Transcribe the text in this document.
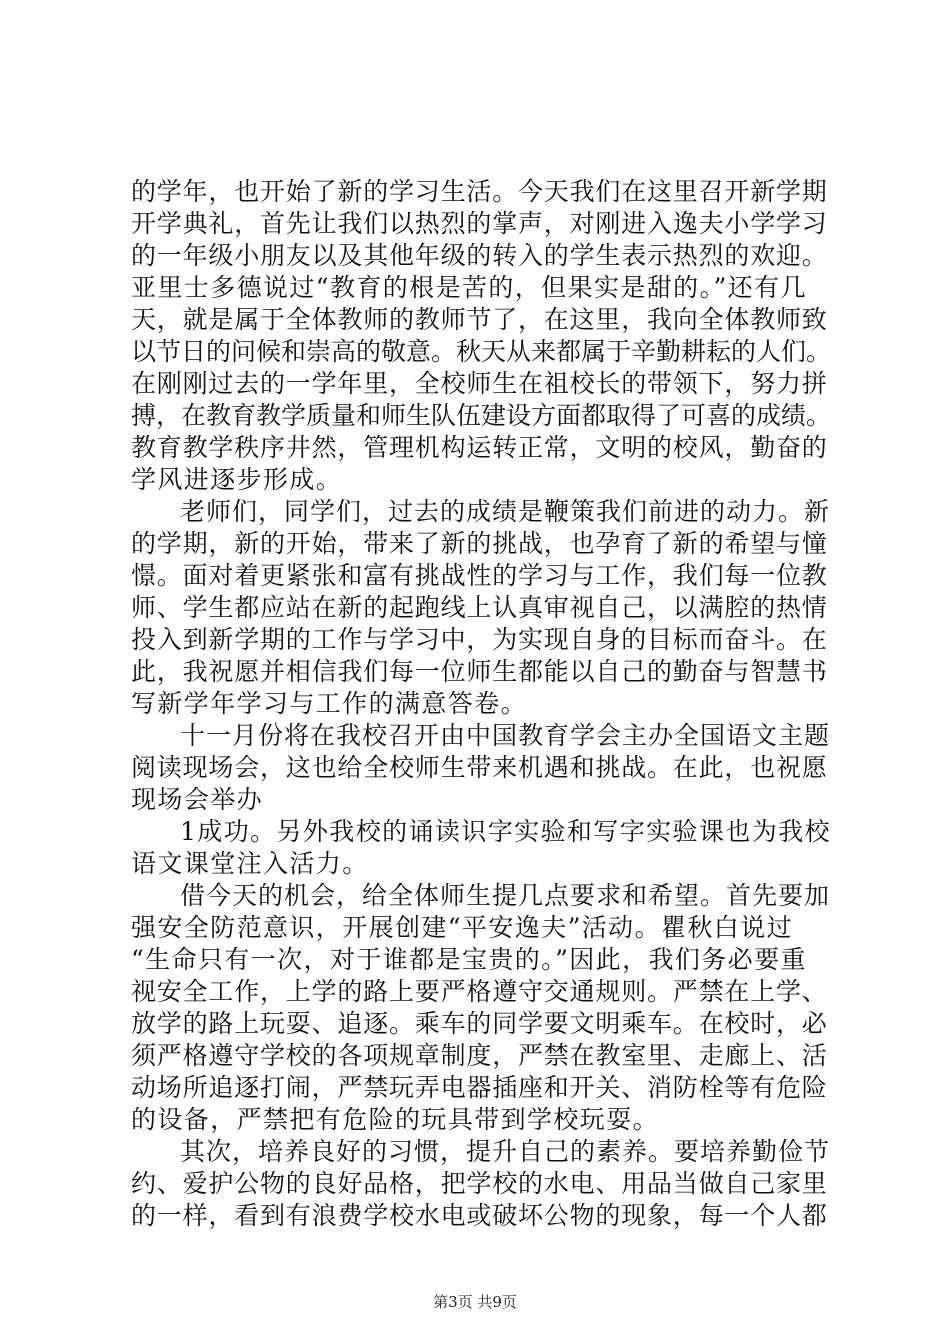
的学年，也开始了新的学习生活。今天我们在这里召开新学期
开学典礼，首先让我们以热烈的掌声，对刚进入逸夫小学学习
的一年级小朋友以及其他年级的转入的学生表示热烈的欢迎。
亚里士多德说过“教育的根是苦的，但果实是甜的。”还有几
天，就是属于全体教师的教师节了，在这里，我向全体教师致
以节日的问候和崇高的敬意。秋天从来都属于辛勤耕耘的人们。
在刚刚过去的一学年里，全校师生在祖校长的带领下，努力拼
搏，在教育教学质量和师生队伍建设方面都取得了可喜的成绩。
教育教学秩序井然，管理机构运转正常，文明的校风，勤奋的
学风进逐步形成。
老师们，同学们，过去的成绩是鞭策我们前进的动力。新
的学期，新的开始，带来了新的挑战，也孕育了新的希望与憧
憬。面对着更紧张和富有挑战性的学习与工作，我们每一位教
师、学生都应站在新的起跑线上认真审视自己，以满腔的热情
投入到新学期的工作与学习中，为实现自身的目标而奋斗。在
此，我祝愿并相信我们每一位师生都能以自己的勤奋与智慧书
写新学年学习与工作的满意答卷。
十一月份将在我校召开由中国教育学会主办全国语文主题
阅读现场会，这也给全校师生带来机遇和挑战。在此，也祝愿
现场会举办
1成功。另外我校的诵读识字实验和写字实验课也为我校
语文课堂注入活力。
借今天的机会，给全体师生提几点要求和希望。首先要加
强安全防范意识，开展创建“平安逸夫”活动。瞿秋白说过
“生命只有一次，对于谁都是宝贵的。”因此，我们务必要重
视安全工作，上学的路上要严格遵守交通规则。严禁在上学、
放学的路上玩耍、追逐。乘车的同学要文明乘车。在校时，必
须严格遵守学校的各项规章制度，严禁在教室里、走廊上、活
动场所追逐打闹，严禁玩弄电器插座和开关、消防栓等有危险
的设备，严禁把有危险的玩具带到学校玩耍。
其次，培养良好的习惯，提升自己的素养。要培养勤俭节
约、爱护公物的良好品格，把学校的水电、用品当做自己家里
的一样，看到有浪费学校水电或破坏公物的现象，每一个人都
第3页 共9页
